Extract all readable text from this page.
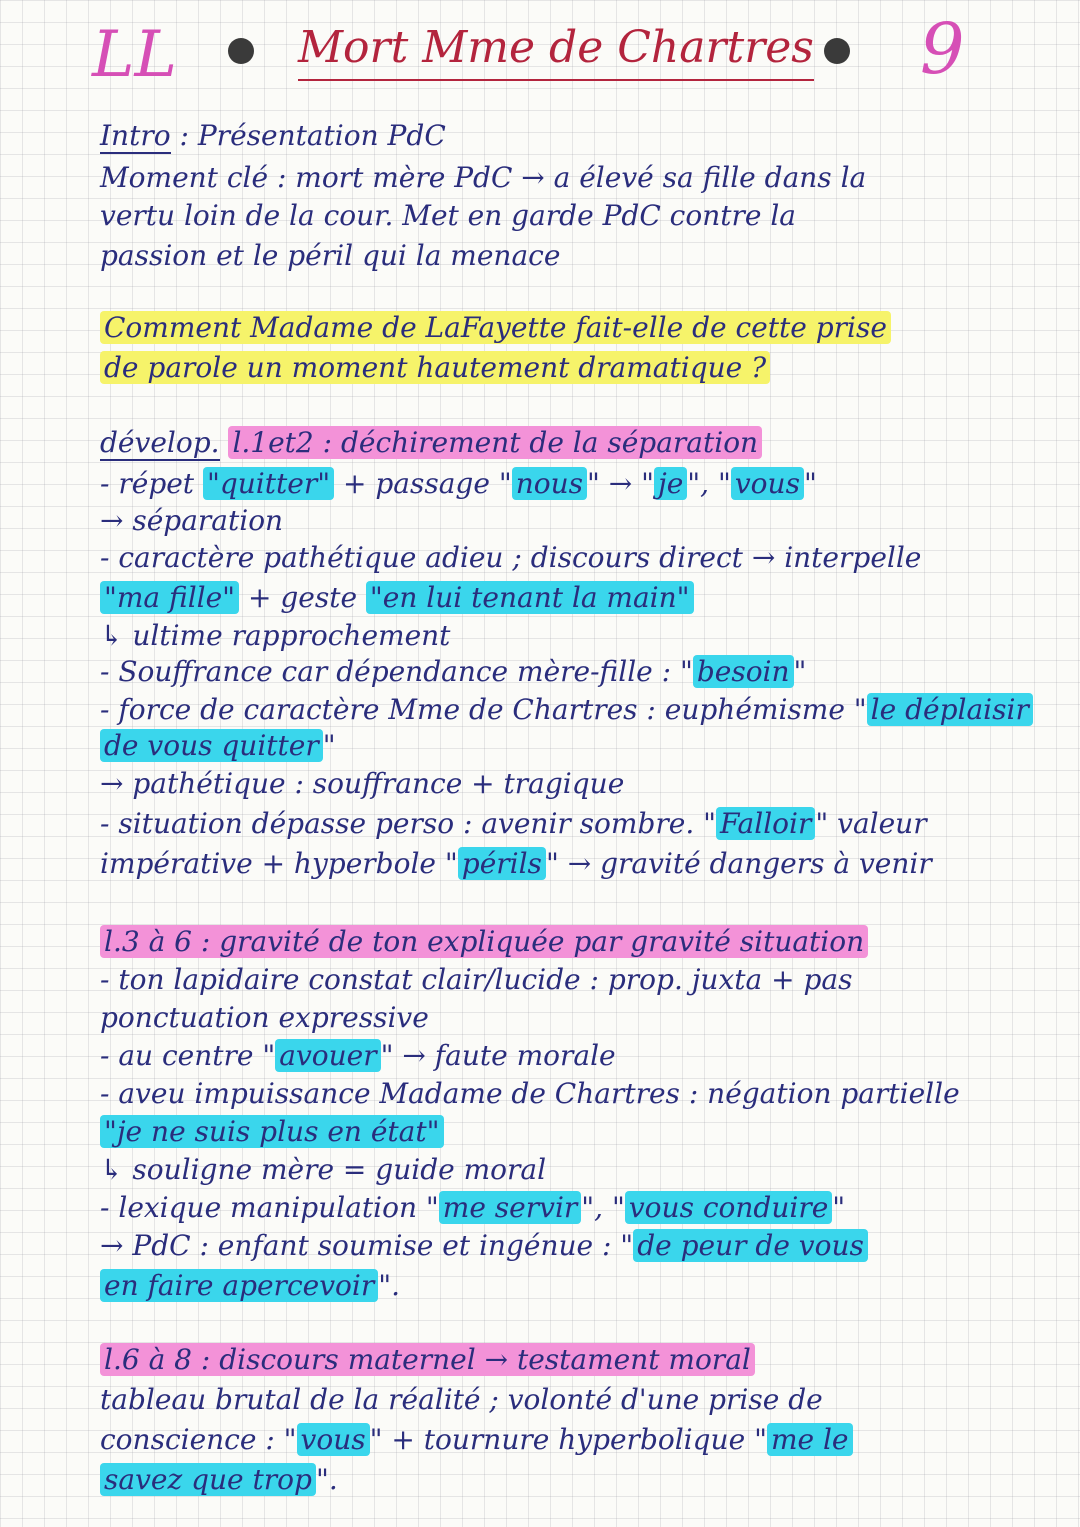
LL	Mort Mme de Chartres 9
Intro : Présentation PdC
Moment clé : mort mère PdC → a élevé sa fille dans la
vertu loin de la cour. Met en garde PdC contre la
passion et le péril qui la menace
Comment Madame de LaFayette fait-elle de cette prise
de parole un moment hautement dramatique ?
dévelop. l.1et2 : déchirement de la séparation
- répet "quitter" + passage " nous " → " je ", " vous "
→ séparation
- caractère pathétique adieu ; discours direct → interpelle
"ma fille" + geste "en lui tenant la main"
↳ ultime rapprochement
- Souffrance car dépendance mère-fille : " besoin "
- force de caractère Mme de Chartres : euphémisme " le déplaisir
de vous quitter "
→ pathétique : souffrance + tragique
- situation dépasse perso : avenir sombre. " Falloir " valeur
impérative + hyperbole " périls " → gravité dangers à venir
l.3 à 6 : gravité de ton expliquée par gravité situation
- ton lapidaire constat clair/lucide : prop. juxta + pas
ponctuation expressive
- au centre " avouer " → faute morale
- aveu impuissance Madame de Chartres : négation partielle
"je ne suis plus en état"
↳ souligne mère = guide moral
- lexique manipulation " me servir ", " vous conduire "
→ PdC : enfant soumise et ingénue : " de peur de vous
en faire apercevoir ".
l.6 à 8 : discours maternel → testament moral
tableau brutal de la réalité ; volonté d'une prise de
conscience : " vous " + tournure hyperbolique " me le
savez que trop ".
